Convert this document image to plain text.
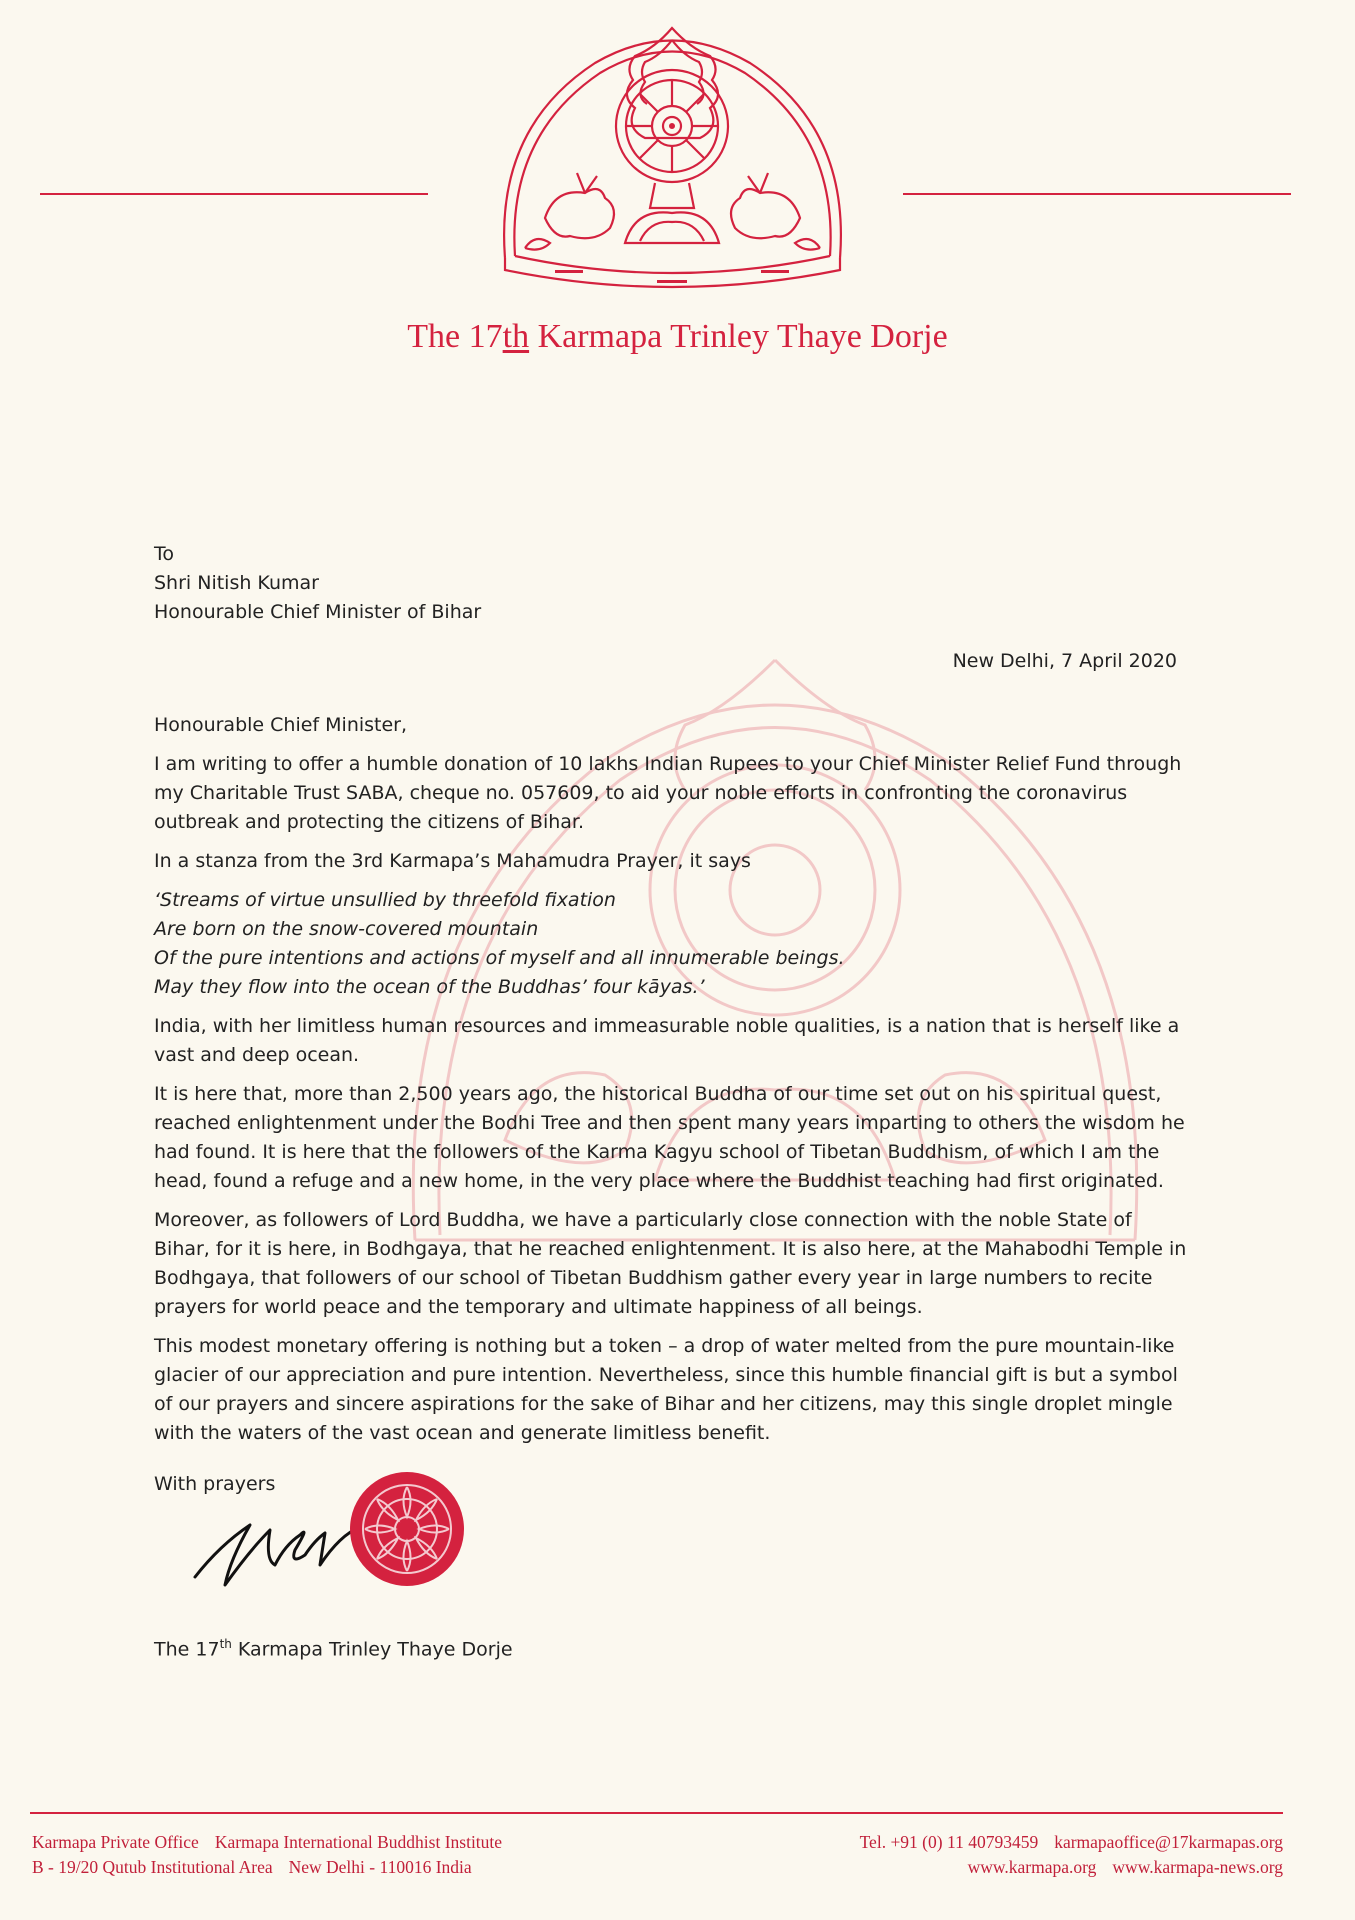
The 17th Karmapa Trinley Thaye Dorje
To
Shri Nitish Kumar
Honourable Chief Minister of Bihar
New Delhi, 7 April 2020

Honourable Chief Minister,

I am writing to offer a humble donation of 10 lakhs Indian Rupees to your Chief Minister Relief Fund through my Charitable Trust SABA, cheque no. 057609, to aid your noble efforts in confronting the coronavirus outbreak and protecting the citizens of Bihar.

In a stanza from the 3rd Karmapa’s Mahamudra Prayer, it says

‘Streams of virtue unsullied by threefold fixation
Are born on the snow-covered mountain
Of the pure intentions and actions of myself and all innumerable beings.
May they flow into the ocean of the Buddhas’ four kāyas.’

India, with her limitless human resources and immeasurable noble qualities, is a nation that is herself like a vast and deep ocean.

It is here that, more than 2,500 years ago, the historical Buddha of our time set out on his spiritual quest, reached enlightenment under the Bodhi Tree and then spent many years imparting to others the wisdom he had found. It is here that the followers of the Karma Kagyu school of Tibetan Buddhism, of which I am the head, found a refuge and a new home, in the very place where the Buddhist teaching had first originated.

Moreover, as followers of Lord Buddha, we have a particularly close connection with the noble State of Bihar, for it is here, in Bodhgaya, that he reached enlightenment. It is also here, at the Mahabodhi Temple in Bodhgaya, that followers of our school of Tibetan Buddhism gather every year in large numbers to recite prayers for world peace and the temporary and ultimate happiness of all beings.

This modest monetary offering is nothing but a token – a drop of water melted from the pure mountain-like glacier of our appreciation and pure intention. Nevertheless, since this humble financial gift is but a symbol of our prayers and sincere aspirations for the sake of Bihar and her citizens, may this single droplet mingle with the waters of the vast ocean and generate limitless benefit.

With prayers
The 17th Karmapa Trinley Thaye Dorje
Karmapa Private Office Karmapa International Buddhist Institute
B - 19/20 Qutub Institutional Area New Delhi - 110016 India
Tel. +91 (0) 11 40793459 karmapaoffice@17karmapas.org
www.karmapa.org www.karmapa-news.org
